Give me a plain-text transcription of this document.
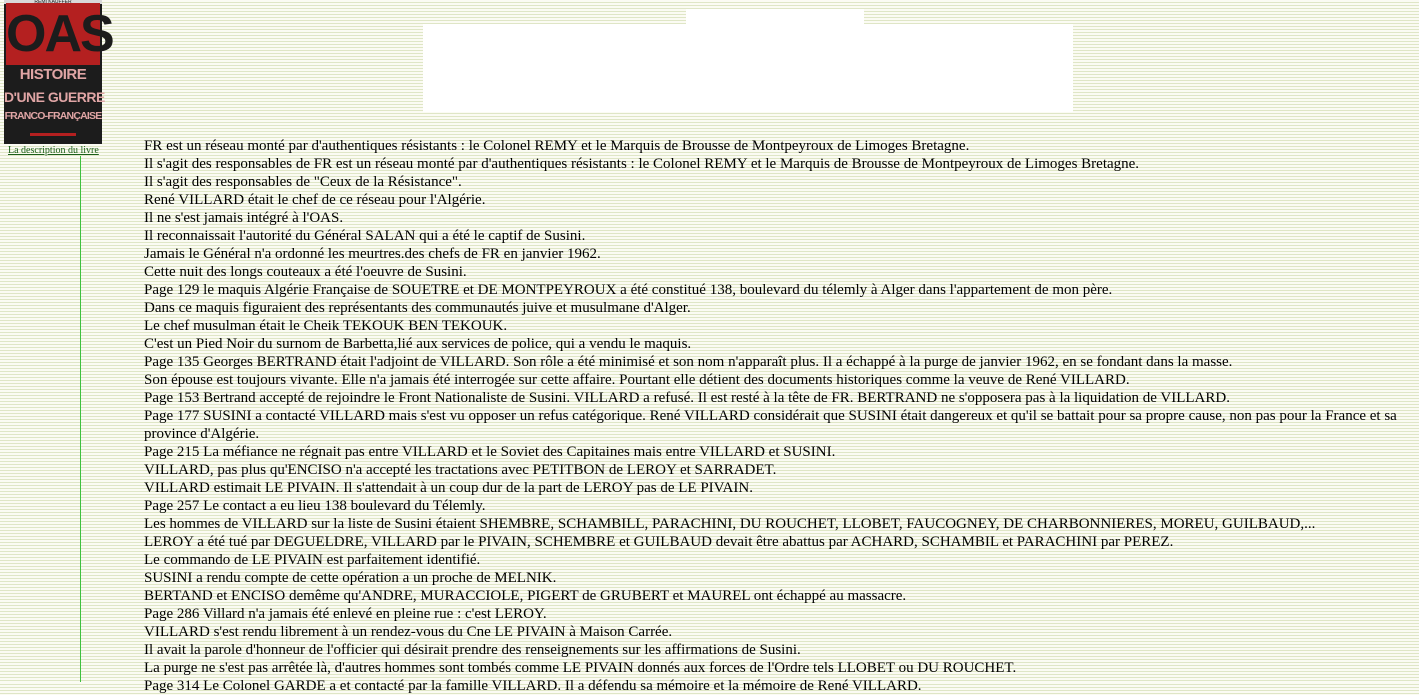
OAS
HISTOIRE
D'UNE GUERRE
FRANCO-FRANÇAISE
La description du livre	FR est un réseau monté par d'authentiques résistants : le Colonel REMY et le Marquis de Brousse de Montpeyroux de Limoges Bretagne.
Il s'agit des responsables de FR est un réseau monté par d'authentiques résistants : le Colonel REMY et le Marquis de Brousse de Montpeyroux de Limoges Bretagne.
Il s'agit des responsables de "Ceux de la Résistance".
René VILLARD était le chef de ce réseau pour l'Algérie.
Il ne s'est jamais intégré à l'OAS.
Il reconnaissait l'autorité du Général SALAN qui a été le captif de Susini.
Jamais le Général n'a ordonné les meurtres.des chefs de FR en janvier 1962.
Cette nuit des longs couteaux a été l'oeuvre de Susini.
Page 129 le maquis Algérie Française de SOUETRE et DE MONTPEYROUX a été constitué 138, boulevard du télemly à Alger dans l'appartement de mon père.
Dans ce maquis figuraient des représentants des communautés juive et musulmane d'Alger.
Le chef musulman était le Cheik TEKOUK BEN TEKOUK.
C'est un Pied Noir du surnom de Barbetta,lié aux services de police, qui a vendu le maquis.
Page 135 Georges BERTRAND était l'adjoint de VILLARD. Son rôle a été minimisé et son nom n'apparaît plus. Il a échappé à la purge de janvier 1962, en se fondant dans la masse.
Son épouse est toujours vivante. Elle n'a jamais été interrogée sur cette affaire. Pourtant elle détient des documents historiques comme la veuve de René VILLARD.
Page 153 Bertrand accepté de rejoindre le Front Nationaliste de Susini. VILLARD a refusé. Il est resté à la tête de FR. BERTRAND ne s'opposera pas à la liquidation de VILLARD.
Page 177 SUSINI a contacté VILLARD mais s'est vu opposer un refus catégorique. René VILLARD considérait que SUSINI était dangereux et qu'il se battait pour sa propre cause, non pas pour la France et sa province d'Algérie.
Page 215 La méfiance ne régnait pas entre VILLARD et le Soviet des Capitaines mais entre VILLARD et SUSINI.
VILLARD, pas plus qu'ENCISO n'a accepté les tractations avec PETITBON de LEROY et SARRADET.
VILLARD estimait LE PIVAIN. Il s'attendait à un coup dur de la part de LEROY pas de LE PIVAIN.
Page 257 Le contact a eu lieu 138 boulevard du Télemly.
Les hommes de VILLARD sur la liste de Susini étaient SHEMBRE, SCHAMBILL, PARACHINI, DU ROUCHET, LLOBET, FAUCOGNEY, DE CHARBONNIERES, MOREU, GUILBAUD,...
LEROY a été tué par DEGUELDRE, VILLARD par le PIVAIN, SCHEMBRE et GUILBAUD devait être abattus par ACHARD, SCHAMBIL et PARACHINI par PEREZ.
Le commando de LE PIVAIN est parfaitement identifié.
SUSINI a rendu compte de cette opération a un proche de MELNIK.
BERTAND et ENCISO demême qu'ANDRE, MURACCIOLE, PIGERT de GRUBERT et MAUREL ont échappé au massacre.
Page 286 Villard n'a jamais été enlevé en pleine rue : c'est LEROY.
VILLARD s'est rendu librement à un rendez-vous du Cne LE PIVAIN à Maison Carrée.
Il avait la parole d'honneur de l'officier qui désirait prendre des renseignements sur les affirmations de Susini.
La purge ne s'est pas arrêtée là, d'autres hommes sont tombés comme LE PIVAIN donnés aux forces de l'Ordre tels LLOBET ou DU ROUCHET.
Page 314 Le Colonel GARDE a et contacté par la famille VILLARD. Il a défendu sa mémoire et la mémoire de René VILLARD.
